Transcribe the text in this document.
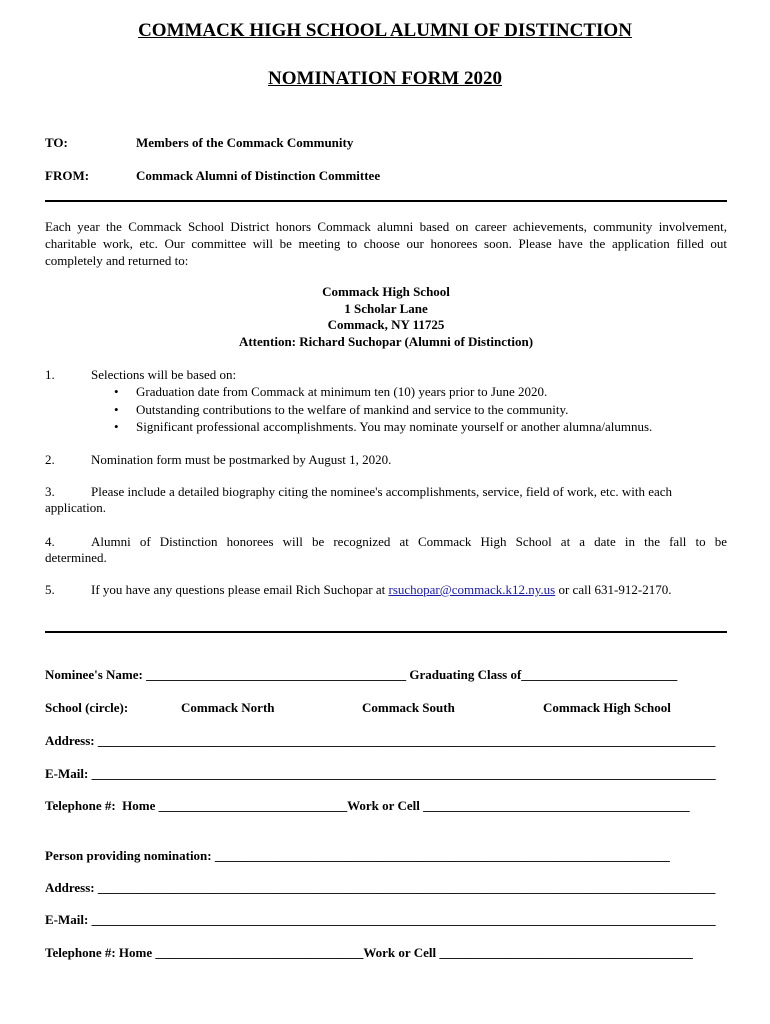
COMMACK HIGH SCHOOL ALUMNI OF DISTINCTION
NOMINATION FORM 2020
TO:	Members of the Commack Community
FROM:	Commack Alumni of Distinction Committee
Each year the Commack School District honors Commack alumni based on career achievements, community involvement, charitable work, etc. Our committee will be meeting to choose our honorees soon. Please have the application filled out completely and returned to:
Commack High School
1 Scholar Lane
Commack, NY 11725
Attention: Richard Suchopar (Alumni of Distinction)
1.	Selections will be based on:
• Graduation date from Commack at minimum ten (10) years prior to June 2020.
• Outstanding contributions to the welfare of mankind and service to the community.
• Significant professional accomplishments. You may nominate yourself or another alumna/alumnus.
2.	Nomination form must be postmarked by August 1, 2020.
3.	Please include a detailed biography citing the nominee's accomplishments, service, field of work, etc. with each
application.
4.	Alumni of Distinction honorees will be recognized at Commack High School at a date in the fall to be
determined.
5.	If you have any questions please email Rich Suchopar at rsuchopar@commack.k12.ny.us or call 631-912-2170.
Nominee's Name: ________________________________________ Graduating Class of________________________
School (circle):	Commack North	Commack South	Commack High School
Address: _______________________________________________________________________________________________
E-Mail: ________________________________________________________________________________________________
Telephone #:  Home _____________________________Work or Cell _________________________________________
Person providing nomination: ______________________________________________________________________
Address: _______________________________________________________________________________________________
E-Mail: ________________________________________________________________________________________________
Telephone #: Home ________________________________Work or Cell _______________________________________
